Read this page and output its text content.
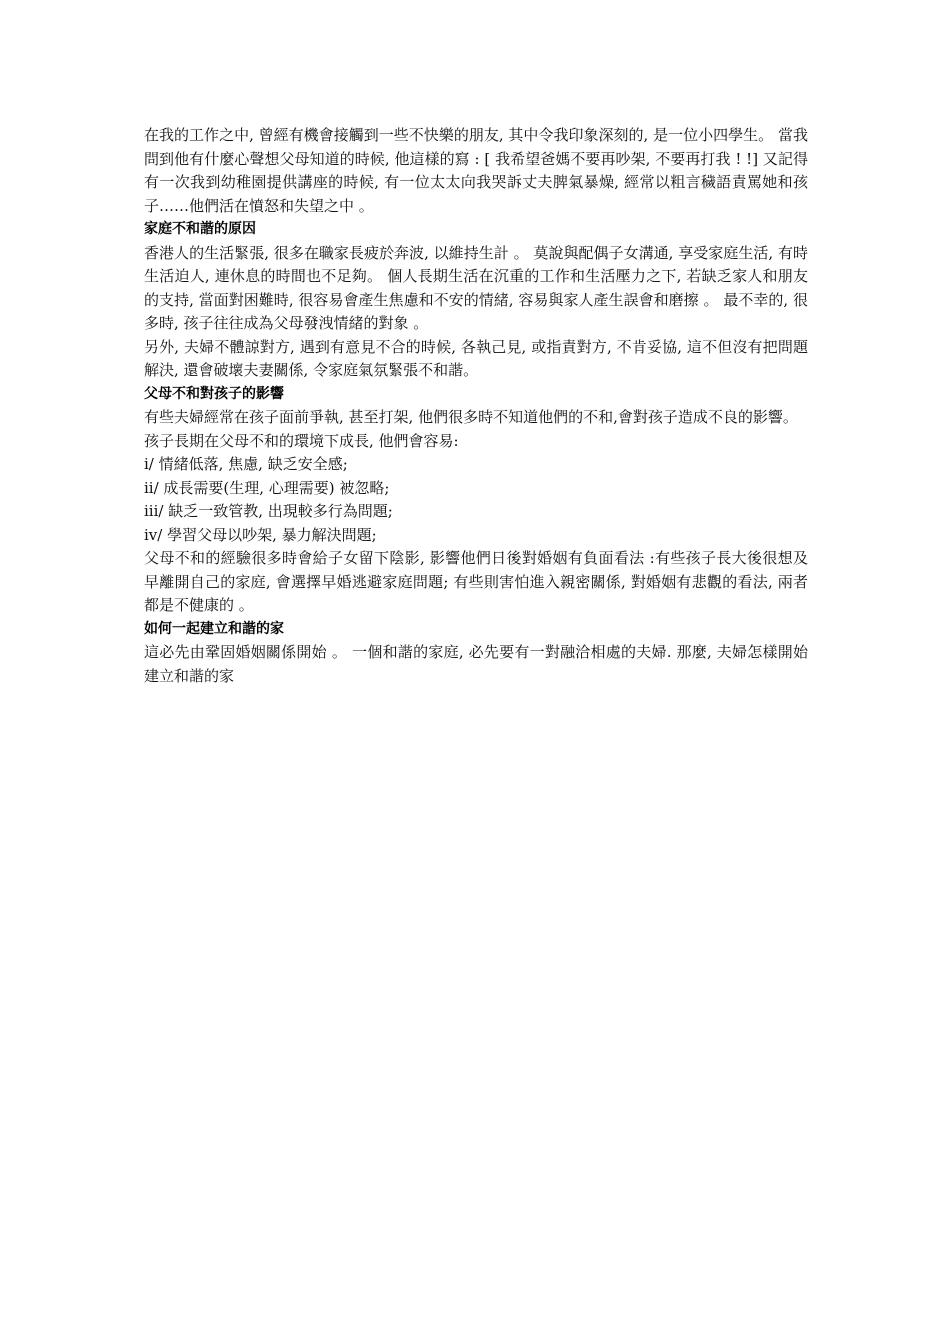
在我的工作之中, 曾經有機會接觸到一些不快樂的朋友, 其中令我印象深刻的, 是一位小四學生。 當我問到他有什麼心聲想父母知道的時候, 他這樣的寫 : [ 我希望爸媽不要再吵架, 不要再打我 ! !] 又記得有一次我到幼稚園提供講座的時候, 有一位太太向我哭訴丈夫脾氣暴燥, 經常以粗言穢語責罵她和孩子……他們活在憤怒和失望之中 。

家庭不和諧的原因

香港人的生活緊張, 很多在職家長疲於奔波, 以維持生計 。 莫說與配偶子女溝通, 享受家庭生活, 有時生活迫人, 連休息的時間也不足夠。 個人長期生活在沉重的工作和生活壓力之下, 若缺乏家人和朋友的支持, 當面對困難時, 很容易會產生焦慮和不安的情緒, 容易與家人產生誤會和磨擦 。 最不幸的, 很多時, 孩子往往成為父母發洩情緒的對象 。

另外, 夫婦不體諒對方, 遇到有意見不合的時候, 各執己見, 或指責對方, 不肯妥協, 這不但沒有把問題解決, 還會破壞夫妻關係, 令家庭氣氛緊張不和諧。

父母不和對孩子的影響

有些夫婦經常在孩子面前爭執, 甚至打架, 他們很多時不知道他們的不和,會對孩子造成不良的影響。

孩子長期在父母不和的環境下成長, 他們會容易:

i/ 情緒低落, 焦慮, 缺乏安全感;

ii/ 成長需要(生理, 心理需要) 被忽略;

iii/ 缺乏一致管教, 出現較多行為問題;

iv/ 學習父母以吵架, 暴力解決問題;

父母不和的經驗很多時會給子女留下陰影, 影響他們日後對婚姻有負面看法 :有些孩子長大後很想及早離開自己的家庭, 會選擇早婚逃避家庭問題; 有些則害怕進入親密關係, 對婚姻有悲觀的看法, 兩者都是不健康的 。

如何一起建立和諧的家

這必先由鞏固婚姻關係開始 。 一個和諧的家庭, 必先要有一對融洽相處的夫婦. 那麼, 夫婦怎樣開始建立和諧的家
